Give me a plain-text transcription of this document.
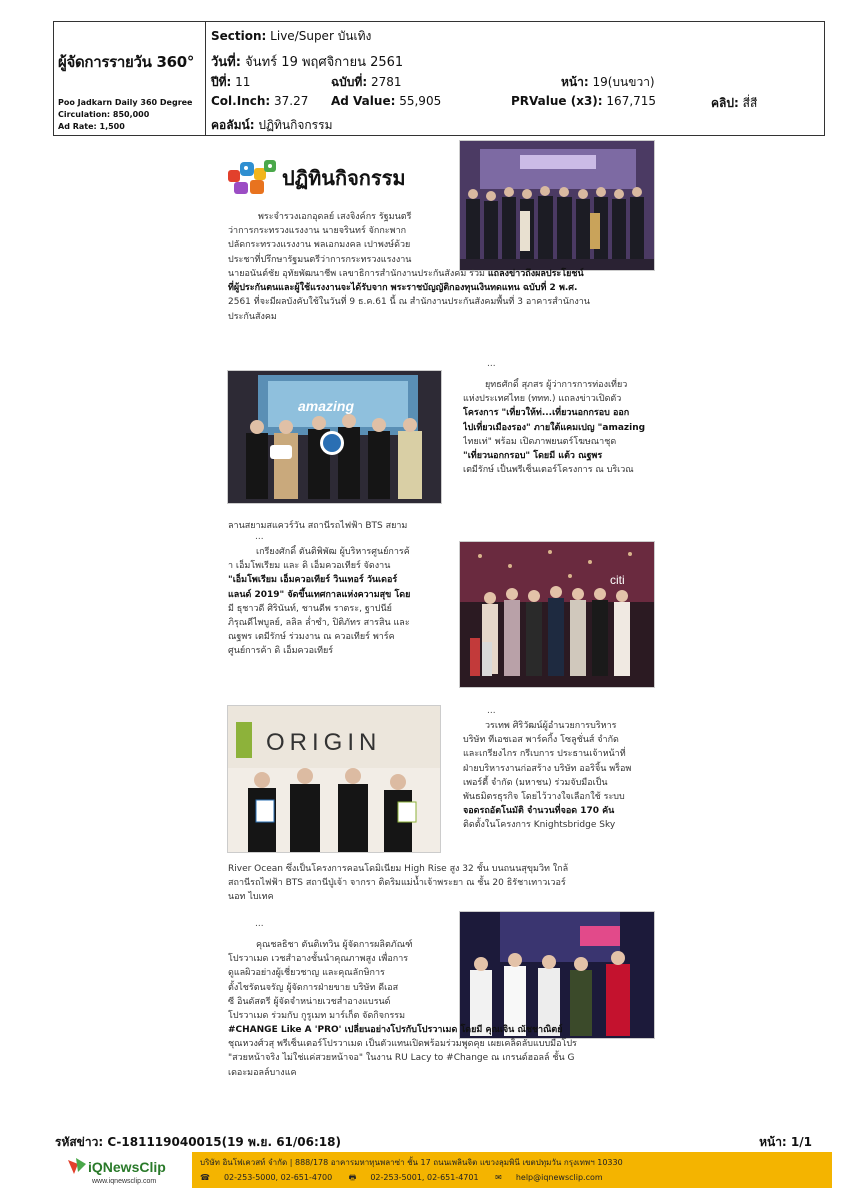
ผู้จัดการรายวัน 360°
Poo Jadkarn Daily 360 Degree
Circulation: 850,000
Ad Rate: 1,500
Section: Live/Super บันเทิง
วันที่: จันทร์ 19 พฤศจิกายน 2561
ปีที่: 11	ฉบับที่: 2781	หน้า: 19(บนขวา)
Col.Inch: 37.27 Ad Value: 55,905	PRValue (x3): 167,715	คลิป: สี่สี
คอลัมน์: ปฏิทินกิจกรรม
ปฏิทินกิจกรรม
พระจำรวงเอกอุดลย์ เสงจิงค์กร รัฐมนตรี
ว่าการกระทรวงแรงงาน นายจรินทร์ จักกะพาก
ปลัดกระทรวงแรงงาน พลเอกมงคล เปาพงษ์ด้วย
ประชาที่ปรึกษารัฐมนตรีว่าการกระทรวงแรงงาน
นายอนันต์ชัย อุทัยพัฒนาชีพ เลขาธิการสำนักงานประกันสังคม ร่วม แถลงข่าวถึงผลประโยชน์
ที่ผู้ประกันตนและผู้ใช้แรงงานจะได้รับจาก พระราชบัญญัติกองทุนเงินทดแทน ฉบับที่ 2 พ.ศ.
2561 ที่จะมีผลบังคับใช้ในวันที่ 9 ธ.ค.61 นี้ ณ สำนักงานประกันสังคมพื้นที่ 3 อาคารสำนักงาน
ประกันสังคม
...
amazing
ยุทธศักดิ์ สุภสร ผู้ว่าการการท่องเที่ยว
แห่งประเทศไทย (ททท.) แถลงข่าวเปิดตัว
โครงการ "เที่ยวให้ท่...เที่ยวนอกกรอบ ออก
ไปเที่ยวเมืองรอง" ภายใต้แคมเปญ "amazing
ไทยเท่" พร้อม เปิดภาพยนตร์โฆษณาชุด
"เที่ยวนอกกรอบ" โดยมี แต้ว ณฐพร
เตมีรักษ์ เป็นพรีเซ็นเตอร์โครงการ ณ บริเวณ
ลานสยามสแควร์วัน สถานีรถไฟฟ้า BTS สยาม
...
เกรียงศักดิ์ ตันติพิพัฒ ผู้บริหารศูนย์การค้
า เอ็มโพเรียม และ ดิ เอ็มควอเทียร์ จัดงาน
"เอ็มโพเรียม เอ็มควอเทียร์ วินเทอร์ วันเดอร์
แลนด์ 2019" จัดขึ้นเทศกาลแห่งความสุข โดย
มี ธุชาวดี ศิรินันท์, ชานดีพ ราตระ, ฐาปนีย์
ภิรุณดีไพบูลย์, ลลิล ล่ำซำ, ปิติภัทร สารสิน และ
ณฐพร เตมีรักษ์ ร่วมงาน ณ ควอเทียร์ พาร์ค
ศูนย์การค้า ดิ เอ็มควอเทียร์
citi
...
ORIGIN
วรเทพ ศิริวัฒน์ผู้อำนวยการบริหาร
บริษัท ทีเอชเอส พาร์คกิ้ง โซลูชั่นส์ จำกัด
และเกรียงไกร กรีเบการ ประธานเจ้าหน้าที่
ฝ่ายบริหารงานก่อสร้าง บริษัท ออริจิ้น พร็อพ
เพอร์ตี้ จำกัด (มหาชน) ร่วมจับมือเป็น
พันธมิตรธุรกิจ โดยไว้วางใจเลือกใช้ ระบบ
จอดรถอัตโนมัติ จำนวนที่จอด 170 คัน
ติดตั้งในโครงการ Knightsbridge Sky
River Ocean ซึ่งเป็นโครงการคอนโดมิเนียม High Rise สูง 32 ชั้น บนถนนสุขุมวิท ใกล้
สถานีรถไฟฟ้า BTS สถานีปู่เจ้า จากรา ติดริมแม่น้ำเจ้าพระยา ณ ชั้น 20 ธิรัชาเทาวเวอร์
นอท ไบเทค
...
คุณชลธิชา ตันติเทวิน ผู้จัดการผลิตภัณฑ์
โปรวาเมด เวชสำอางชั้นนำคุณภาพสูง เพื่อการ
ดูแลผิวอย่างผู้เชี่ยวชาญ และคุณลักษิการ
ตั้งไชรัตนจรัญ ผู้จัดการฝ่ายขาย บริษัท ดีเอส
ซี อินดัสตรี ผู้จัดจำหน่ายเวชสำอางแบรนด์
โปรวาเมด ร่วมกับ กูรูเมท มาร์เก็ต จัดกิจกรรม
#CHANGE Like A 'PRO' เปลี่ยนอย่างโปรกับโปรวาเมด โดยมี คุณเจิน ณัชชาณิตย์
ชุณหวงศ์วสุ พรีเซ็นเตอร์โปรวาเมด เป็นตัวแทนเปิดพร้อมร่วมพูดคุย เผยเคล็ดลับแบบมือโปร
"สวยหน้าจริง ไม่ใช่แค่สวยหน้าจอ" ในงาน RU Lacy to #Change ณ เกรนด์ฮอลล์ ชั้น G
เดอะมอลล์บางแค
รหัสข่าว: C-181119040015(19 พ.ย. 61/06:18)	หน้า: 1/1
iQNewsClip
www.iqnewsclip.com
บริษัท อินโฟเควสท์ จำกัด | 888/178 อาคารมหาทุนพลาซ่า ชั้น 17 ถนนเพลินจิต แขวงลุมพินี เขตปทุมวัน กรุงเทพฯ 10330
☎ 02-253-5000, 02-651-4700 🖶 02-253-5001, 02-651-4701 ✉ help@iqnewsclip.com
